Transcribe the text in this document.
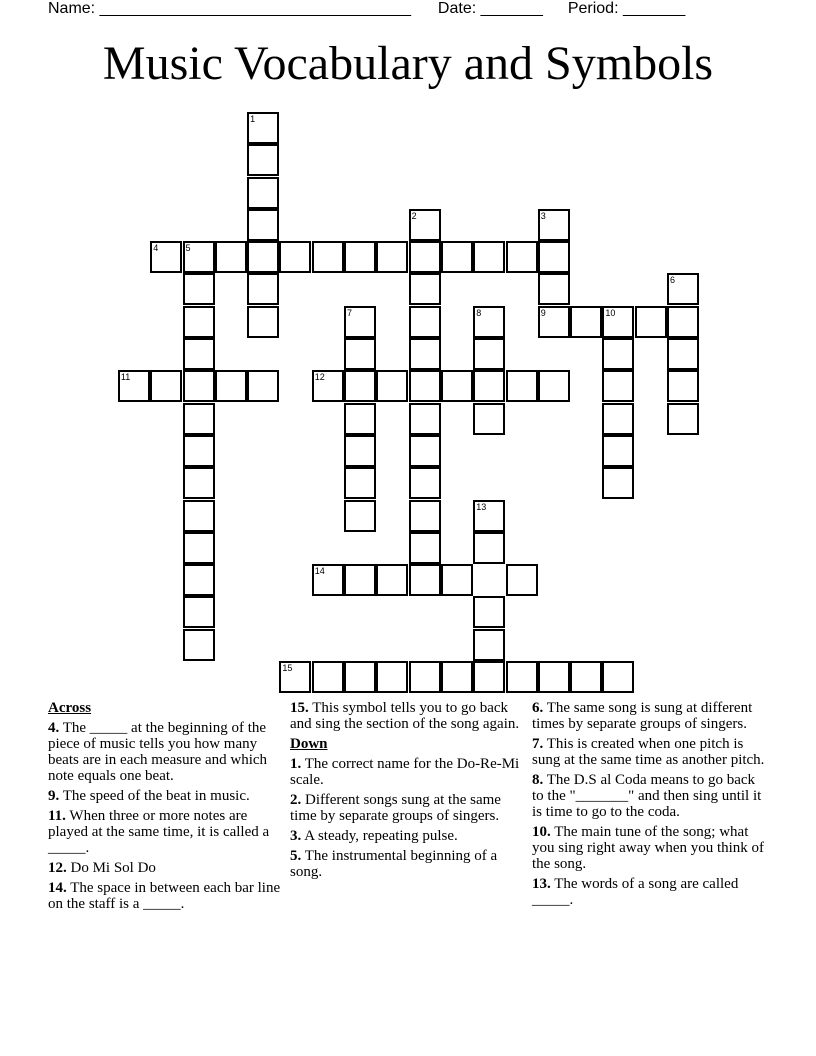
Name: ___________________________________ Date: _______ Period: _______
Music Vocabulary and Symbols
1
2	3
4	5
6
7	8	9	10
11	12
13
14
15
Across
4. The _____ at the beginning of the piece of music tells you how many beats are in each measure and which note equals one beat.
9. The speed of the beat in music.
11. When three or more notes are played at the same time, it is called a _____.
12. Do Mi Sol Do
14. The space in between each bar line on the staff is a _____.
15. This symbol tells you to go back and sing the section of the song again.
Down
1. The correct name for the Do-Re-Mi scale.
2. Different songs sung at the same time by separate groups of singers.
3. A steady, repeating pulse.
5. The instrumental beginning of a song.
6. The same song is sung at different times by separate groups of singers.
7. This is created when one pitch is sung at the same time as another pitch.
8. The D.S al Coda means to go back to the "_______" and then sing until it is time to go to the coda.
10. The main tune of the song; what you sing right away when you think of the song.
13. The words of a song are called _____.
